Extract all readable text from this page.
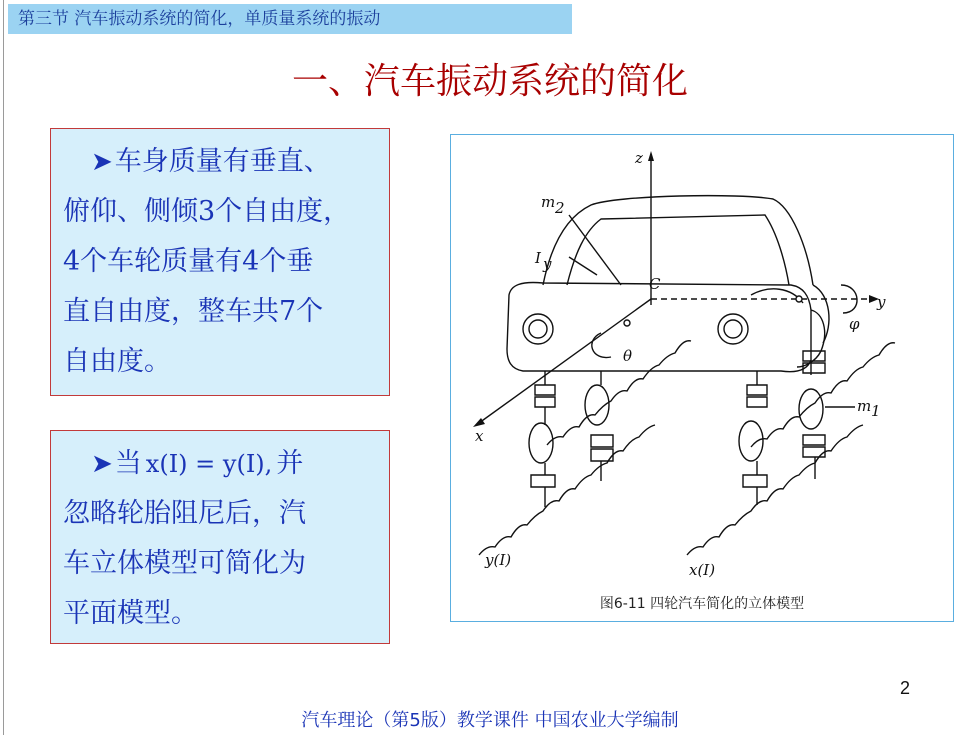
第三节 汽车振动系统的简化，单质量系统的振动
一、汽车振动系统的简化
➤ 车身质量有垂直、

俯仰、侧倾3个自由度，
4个车轮质量有4个垂
直自由度，整车共7个
自由度。

➤ 当 x(I) = y(I), 并

忽略轮胎阻尼后，汽
车立体模型可简化为
平面模型。

z
m 2
I y
C
y
φ
θ
x
m 1
y(I)
x(I)
图6-11 四轮汽车简化的立体模型
2
汽车理论（第5版）教学课件 中国农业大学编制
